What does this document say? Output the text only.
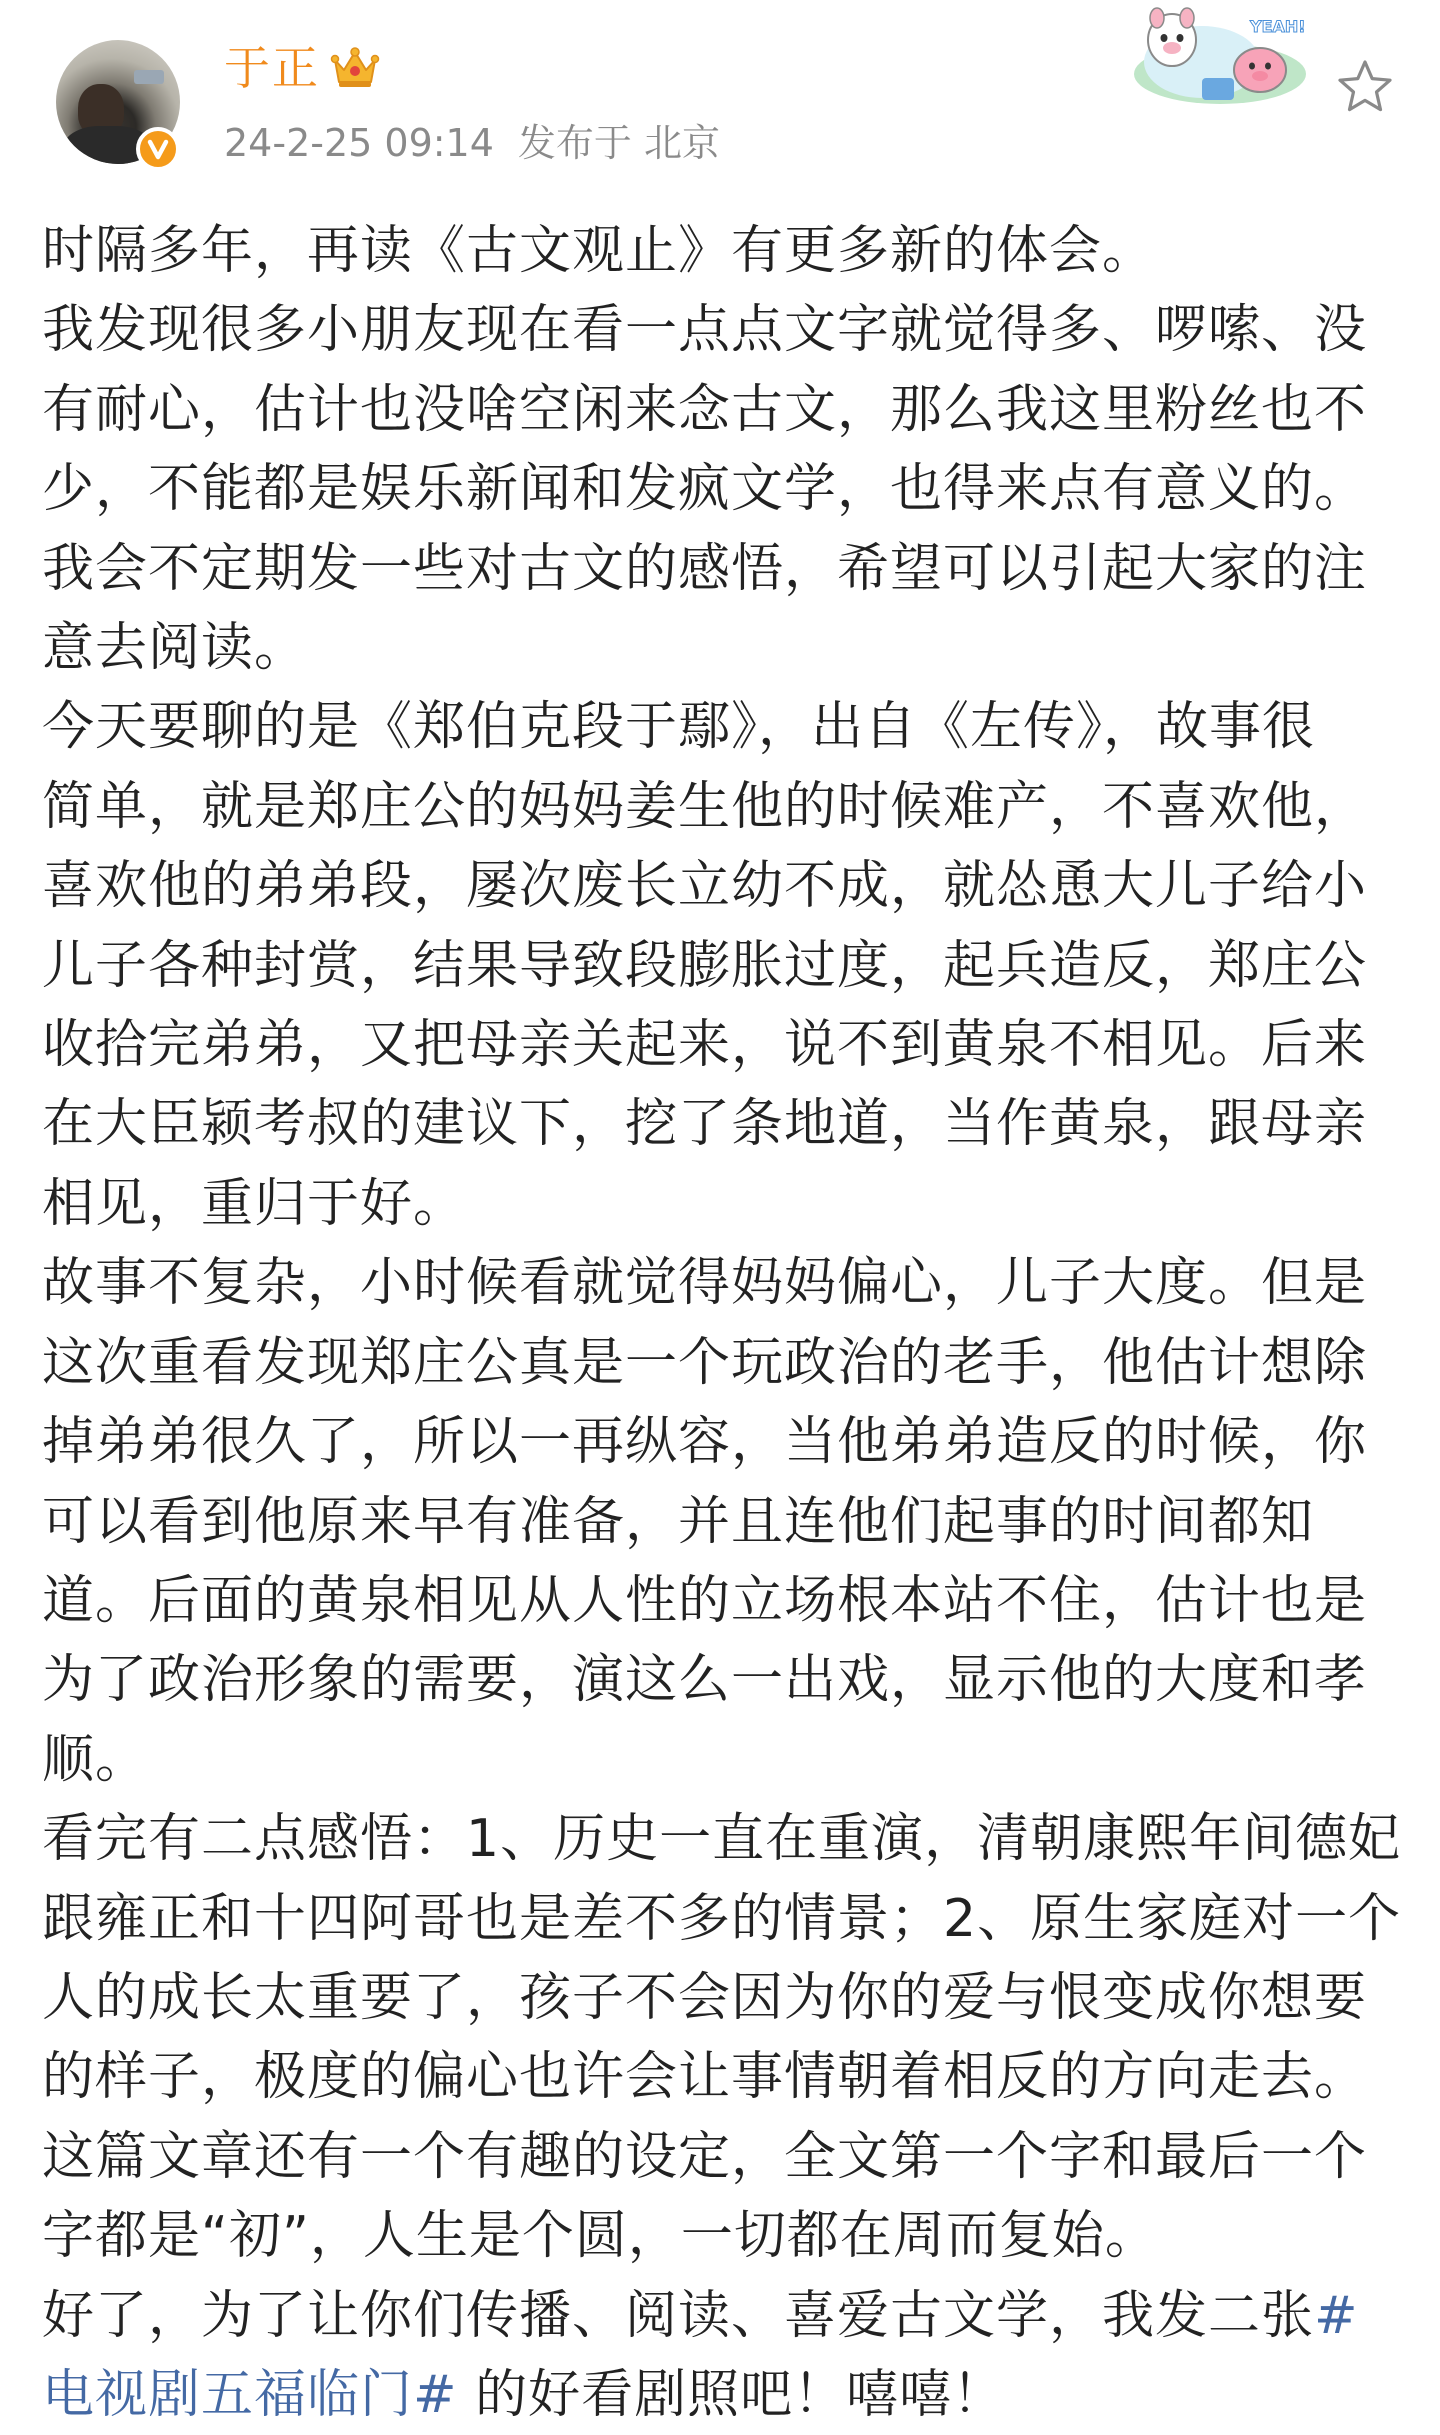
于正
24-2-25 09:14 发布于 北京
YEAH!

时隔多年，再读《古文观止》有更多新的体会。

我发现很多小朋友现在看一点点文字就觉得多、啰嗦、没
有耐心，估计也没啥空闲来念古文，那么我这里粉丝也不
少，不能都是娱乐新闻和发疯文学，也得来点有意义的。

我会不定期发一些对古文的感悟，希望可以引起大家的注
意去阅读。

今天要聊的是《郑伯克段于鄢》，出自《左传》，故事很
简单，就是郑庄公的妈妈姜生他的时候难产，不喜欢他，
喜欢他的弟弟段，屡次废长立幼不成，就怂恿大儿子给小
儿子各种封赏，结果导致段膨胀过度，起兵造反，郑庄公
收拾完弟弟，又把母亲关起来，说不到黄泉不相见。后来
在大臣颍考叔的建议下，挖了条地道，当作黄泉，跟母亲
相见，重归于好。

故事不复杂，小时候看就觉得妈妈偏心，儿子大度。但是
这次重看发现郑庄公真是一个玩政治的老手，他估计想除
掉弟弟很久了，所以一再纵容，当他弟弟造反的时候，你
可以看到他原来早有准备，并且连他们起事的时间都知
道。后面的黄泉相见从人性的立场根本站不住，估计也是
为了政治形象的需要，演这么一出戏，显示他的大度和孝
顺。

看完有二点感悟：1、历史一直在重演，清朝康熙年间德妃
跟雍正和十四阿哥也是差不多的情景；2、原生家庭对一个
人的成长太重要了，孩子不会因为你的爱与恨变成你想要
的样子，极度的偏心也许会让事情朝着相反的方向走去。

这篇文章还有一个有趣的设定，全文第一个字和最后一个
字都是“初”，人生是个圆，一切都在周而复始。

好了，为了让你们传播、阅读、喜爱古文学，我发二张#
电视剧五福临门# 的好看剧照吧！嘻嘻！
